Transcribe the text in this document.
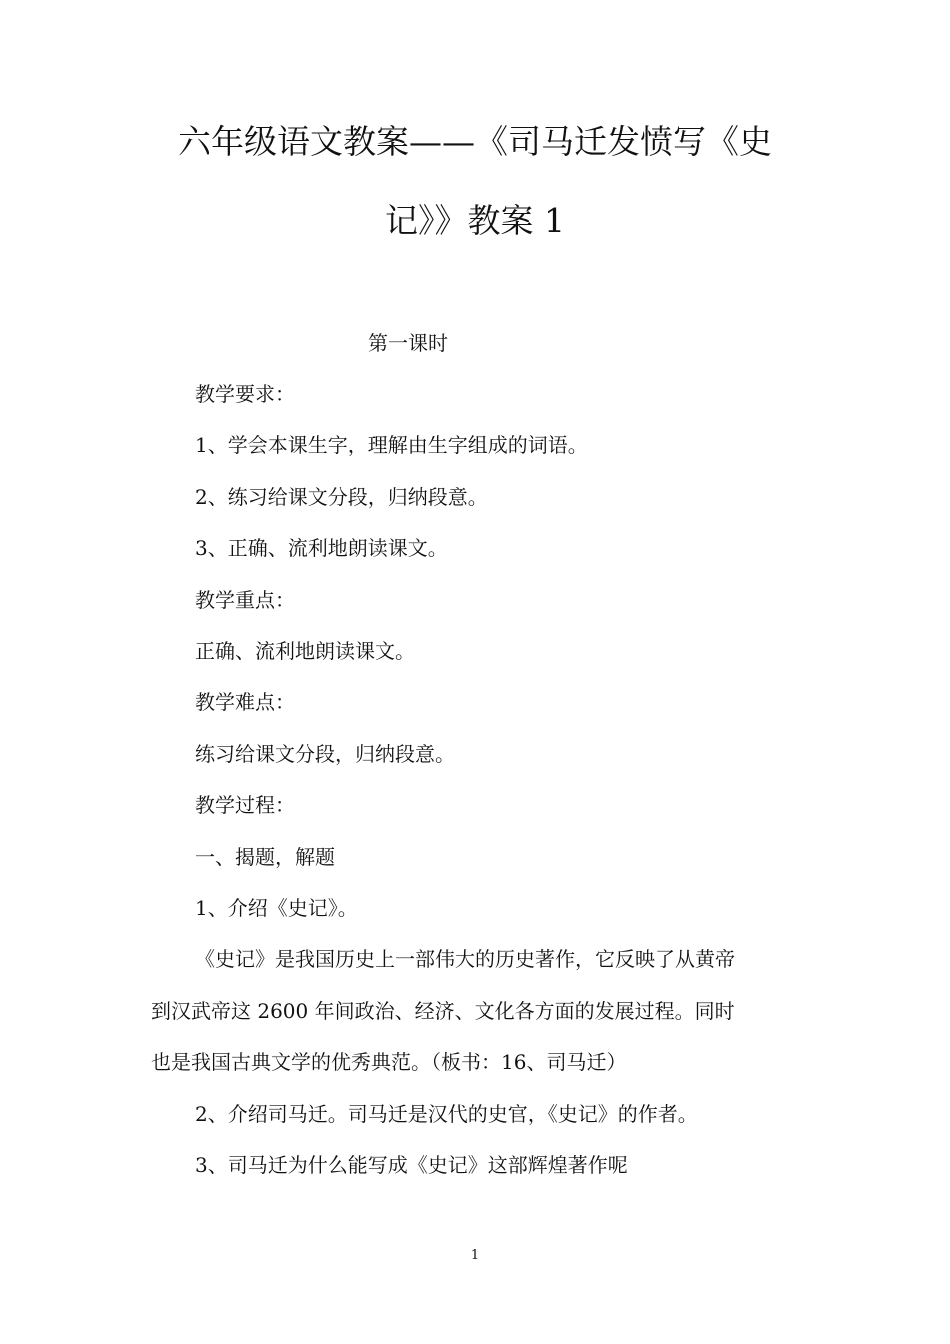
六年级语文教案——《司马迁发愤写《史
记》》教案 1
第一课时
教学要求：
1、学会本课生字，理解由生字组成的词语。
2、练习给课文分段，归纳段意。
3、正确、流利地朗读课文。
教学重点：
正确、流利地朗读课文。
教学难点：
练习给课文分段，归纳段意。
教学过程：
一、揭题，解题
1、介绍《史记》。
《史记》是我国历史上一部伟大的历史著作，它反映了从黄帝
到汉武帝这 2600 年间政治、经济、文化各方面的发展过程。同时
也是我国古典文学的优秀典范。（板书：16、司马迁）
2、介绍司马迁。司马迁是汉代的史官，《史记》的作者。
3、司马迁为什么能写成《史记》这部辉煌著作呢
1
